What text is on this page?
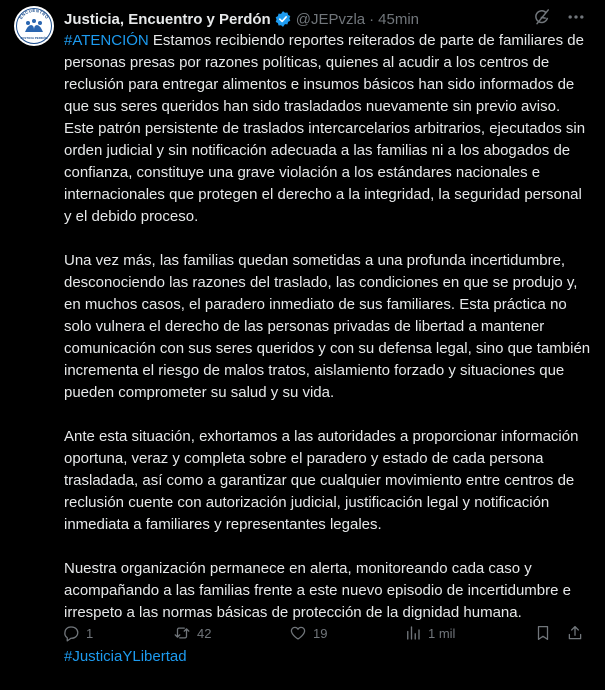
ENCUENTRO
JUSTICIA PERDÓN
Justicia, Encuentro y Perdón @JEPvzla · 45min

#ATENCIÓN Estamos recibiendo reportes reiterados de parte de familiares de personas presas por razones políticas, quienes al acudir a los centros de reclusión para entregar alimentos e insumos básicos han sido informados de que sus seres queridos han sido trasladados nuevamente sin previo aviso. Este patrón persistente de traslados intercarcelarios arbitrarios, ejecutados sin orden judicial y sin notificación adecuada a las familias ni a los abogados de confianza, constituye una grave violación a los estándares nacionales e internacionales que protegen el derecho a la integridad, la seguridad personal y el debido proceso.

Una vez más, las familias quedan sometidas a una profunda incertidumbre, desconociendo las razones del traslado, las condiciones en que se produjo y, en muchos casos, el paradero inmediato de sus familiares. Esta práctica no solo vulnera el derecho de las personas privadas de libertad a mantener comunicación con sus seres queridos y con su defensa legal, sino que también incrementa el riesgo de malos tratos, aislamiento forzado y situaciones que pueden comprometer su salud y su vida.

Ante esta situación, exhortamos a las autoridades a proporcionar información oportuna, veraz y completa sobre el paradero y estado de cada persona trasladada, así como a garantizar que cualquier movimiento entre centros de reclusión cuente con autorización judicial, justificación legal y notificación inmediata a familiares y representantes legales.

Nuestra organización permanece en alerta, monitoreando cada caso y acompañando a las familias frente a este nuevo episodio de incertidumbre e irrespeto a las normas básicas de protección de la dignidad humana.

#JusticiaYLibertad

1	42	19	1 mil
